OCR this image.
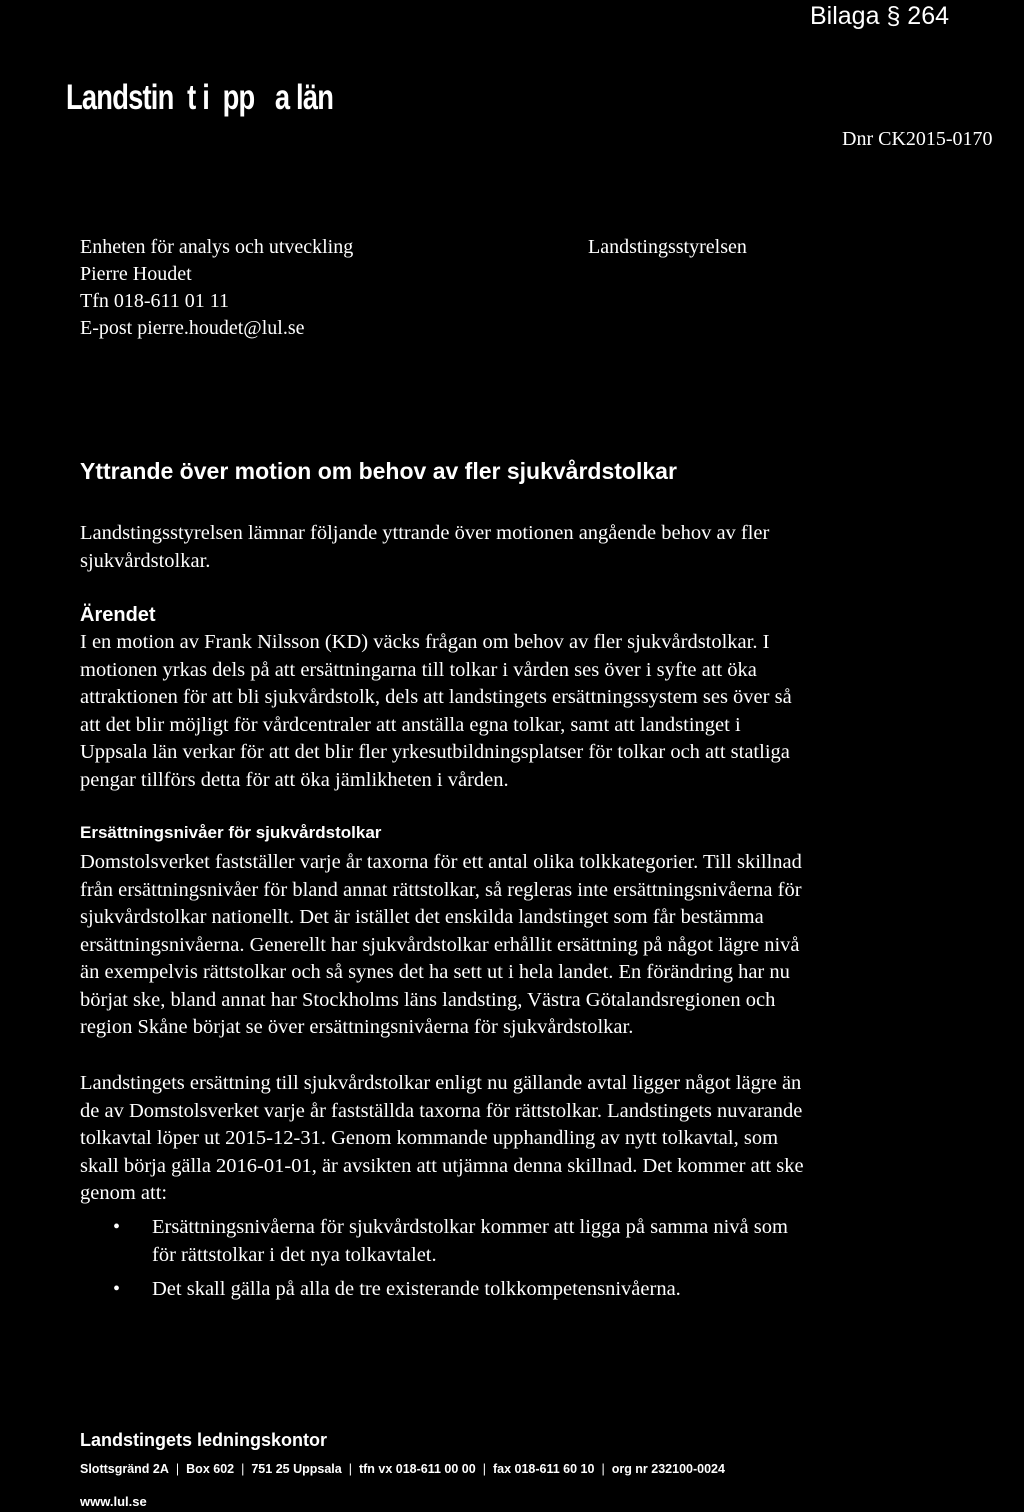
Bilaga § 264
Landstin  t i  pp   a län
Dnr CK2015-0170
Enheten för analys och utveckling
Pierre Houdet
Tfn 018-611 01 11
E-post pierre.houdet@lul.se
Landstingsstyrelsen
Yttrande över motion om behov av fler sjukvårdstolkar
Landstingsstyrelsen lämnar följande yttrande över motionen angående behov av fler
sjukvårdstolkar.
Ärendet
I en motion av Frank Nilsson (KD) väcks frågan om behov av fler sjukvårdstolkar. I
motionen yrkas dels på att ersättningarna till tolkar i vården ses över i syfte att öka
attraktionen för att bli sjukvårdstolk, dels att landstingets ersättningssystem ses över så
att det blir möjligt för vårdcentraler att anställa egna tolkar, samt att landstinget i
Uppsala län verkar för att det blir fler yrkesutbildningsplatser för tolkar och att statliga
pengar tillförs detta för att öka jämlikheten i vården.
Ersättningsnivåer för sjukvårdstolkar
Domstolsverket fastställer varje år taxorna för ett antal olika tolkkategorier. Till skillnad
från ersättningsnivåer för bland annat rättstolkar, så regleras inte ersättningsnivåerna för
sjukvårdstolkar nationellt. Det är istället det enskilda landstinget som får bestämma
ersättningsnivåerna. Generellt har sjukvårdstolkar erhållit ersättning på något lägre nivå
än exempelvis rättstolkar och så synes det ha sett ut i hela landet. En förändring har nu
börjat ske, bland annat har Stockholms läns landsting, Västra Götalandsregionen och
region Skåne börjat se över ersättningsnivåerna för sjukvårdstolkar.
Landstingets ersättning till sjukvårdstolkar enligt nu gällande avtal ligger något lägre än
de av Domstolsverket varje år fastställda taxorna för rättstolkar. Landstingets nuvarande
tolkavtal löper ut 2015-12-31. Genom kommande upphandling av nytt tolkavtal, som
skall börja gälla 2016-01-01, är avsikten att utjämna denna skillnad. Det kommer att ske
genom att:
• Ersättningsnivåerna för sjukvårdstolkar kommer att ligga på samma nivå som
för rättstolkar i det nya tolkavtalet.
• Det skall gälla på alla de tre existerande tolkkompetensnivåerna.
Landstingets ledningskontor
Slottsgränd 2A | Box 602 | 751 25 Uppsala | tfn vx 018-611 00 00 | fax 018-611 60 10 | org nr 232100-0024
www.lul.se
